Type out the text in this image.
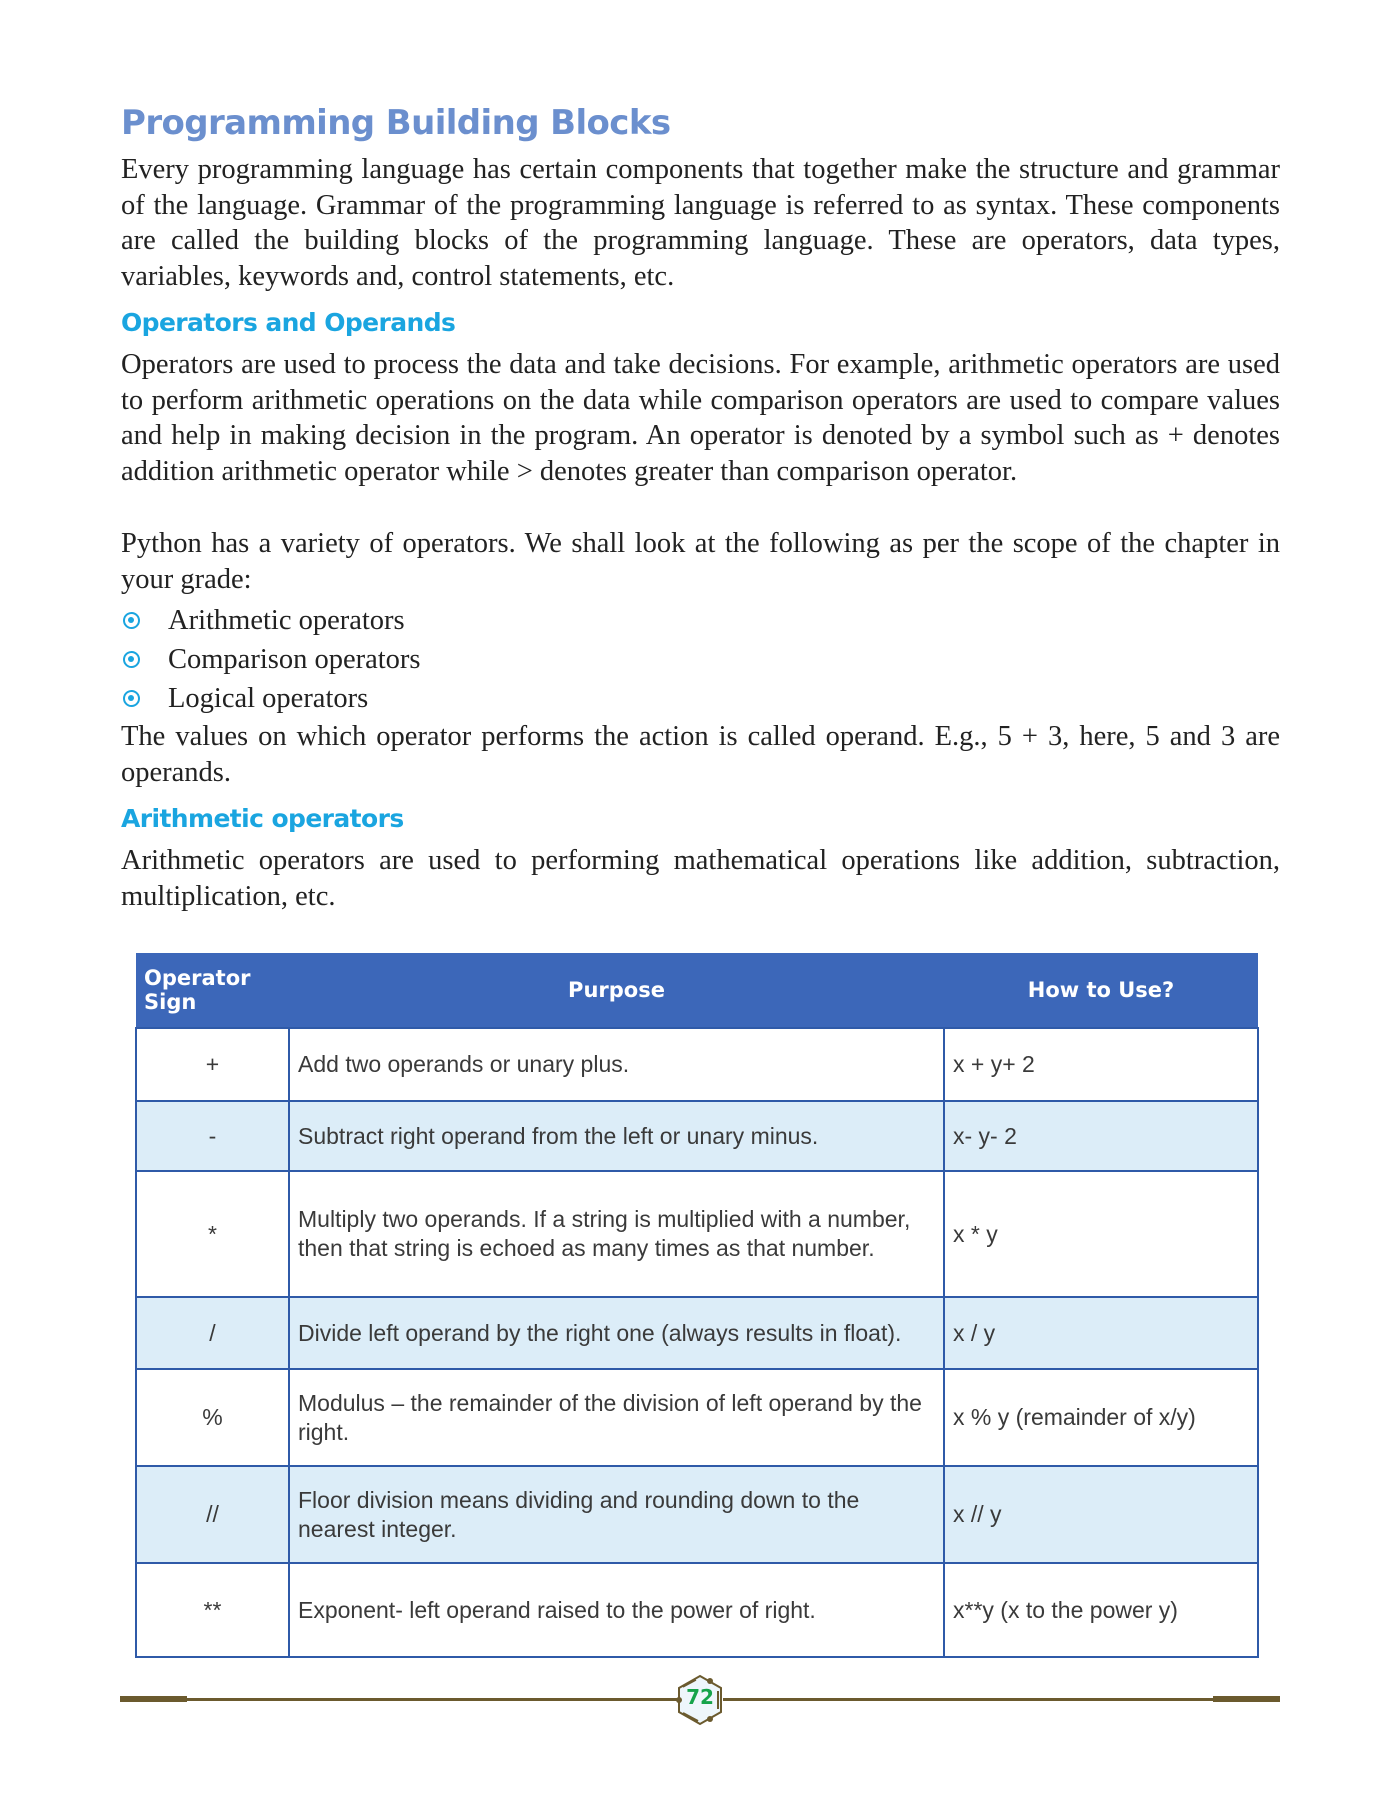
Programming Building Blocks

Every programming language has certain components that together make the structure and grammar of the language. Grammar of the programming language is referred to as syntax. These components are called the building blocks of the programming language. These are operators, data types, variables, keywords and, control statements, etc.

Operators and Operands

Operators are used to process the data and take decisions. For example, arithmetic operators are used to perform arithmetic operations on the data while comparison operators are used to compare values and help in making decision in the program. An operator is denoted by a symbol such as + denotes addition arithmetic operator while > denotes greater than comparison operator.

Python has a variety of operators. We shall look at the following as per the scope of the chapter in your grade:

Arithmetic operators
Comparison operators
Logical operators

The values on which operator performs the action is called operand. E.g., 5 + 3, here, 5 and 3 are operands.

Arithmetic operators

Arithmetic operators are used to performing mathematical operations like addition, subtraction, multiplication, etc.

Operator Sign	Purpose	How to Use?
+	Add two operands or unary plus.	x + y+ 2
-	Subtract right operand from the left or unary minus.	x- y- 2
*	Multiply two operands. If a string is multiplied with a number, then that string is echoed as many times as that number.	x * y
/	Divide left operand by the right one (always results in float).	x / y
%	Modulus – the remainder of the division of left operand by the right.	x % y (remainder of x/y)
//	Floor division means dividing and rounding down to the nearest integer.	x // y
**	Exponent- left operand raised to the power of right.	x**y (x to the power y)
72
